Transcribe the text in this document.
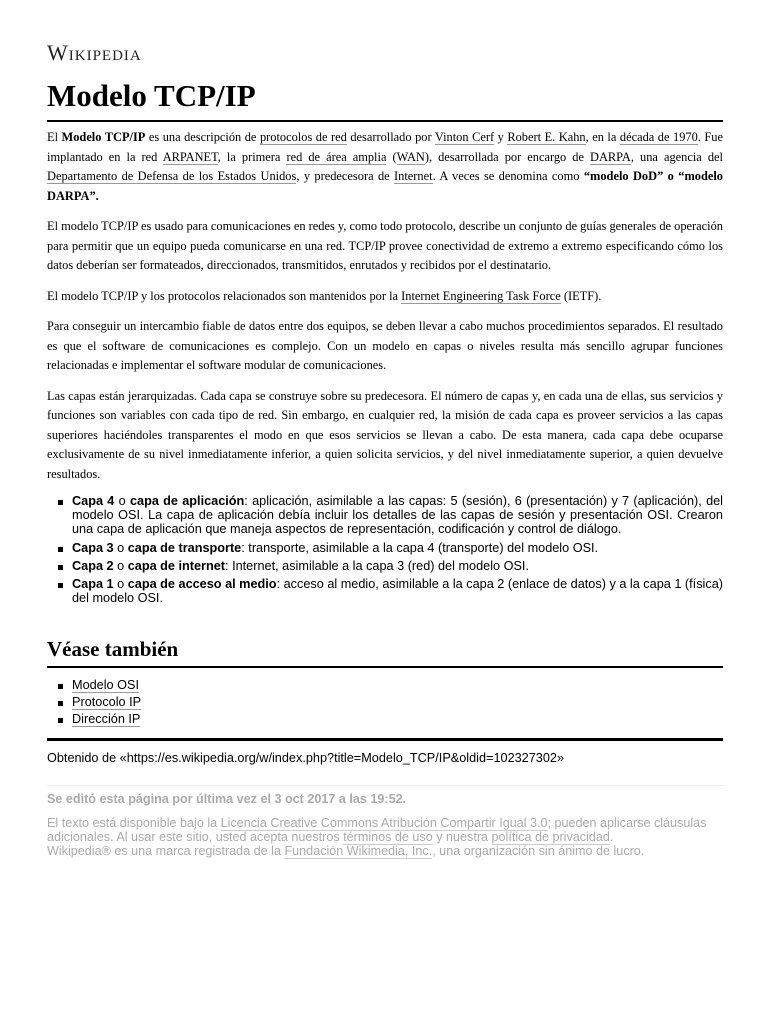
Wikipedia
Modelo TCP/IP

El Modelo TCP/IP es una descripción de protocolos de red desarrollado por Vinton Cerf y Robert E. Kahn, en la década de 1970. Fue implantado en la red ARPANET, la primera red de área amplia (WAN), desarrollada por encargo de DARPA, una agencia del Departamento de Defensa de los Estados Unidos, y predecesora de Internet. A veces se denomina como “modelo DoD” o “modelo DARPA”.

El modelo TCP/IP es usado para comunicaciones en redes y, como todo protocolo, describe un conjunto de guías generales de operación para permitir que un equipo pueda comunicarse en una red. TCP/IP provee conectividad de extremo a extremo especificando cómo los datos deberían ser formateados, direccionados, transmitidos, enrutados y recibidos por el destinatario.

El modelo TCP/IP y los protocolos relacionados son mantenidos por la Internet Engineering Task Force (IETF).

Para conseguir un intercambio fiable de datos entre dos equipos, se deben llevar a cabo muchos procedimientos separados. El resultado es que el software de comunicaciones es complejo. Con un modelo en capas o niveles resulta más sencillo agrupar funciones relacionadas e implementar el software modular de comunicaciones.

Las capas están jerarquizadas. Cada capa se construye sobre su predecesora. El número de capas y, en cada una de ellas, sus servicios y funciones son variables con cada tipo de red. Sin embargo, en cualquier red, la misión de cada capa es proveer servicios a las capas superiores haciéndoles transparentes el modo en que esos servicios se llevan a cabo. De esta manera, cada capa debe ocuparse exclusivamente de su nivel inmediatamente inferior, a quien solicita servicios, y del nivel inmediatamente superior, a quien devuelve resultados.

Capa 4 o capa de aplicación: aplicación, asimilable a las capas: 5 (sesión), 6 (presentación) y 7 (aplicación), del modelo OSI. La capa de aplicación debía incluir los detalles de las capas de sesión y presentación OSI. Crearon una capa de aplicación que maneja aspectos de representación, codificación y control de diálogo.
Capa 3 o capa de transporte: transporte, asimilable a la capa 4 (transporte) del modelo OSI.
Capa 2 o capa de internet: Internet, asimilable a la capa 3 (red) del modelo OSI.
Capa 1 o capa de acceso al medio: acceso al medio, asimilable a la capa 2 (enlace de datos) y a la capa 1 (física) del modelo OSI.
Véase también
Modelo OSI
Protocolo IP
Dirección IP
Obtenido de «https://es.wikipedia.org/w/index.php?title=Modelo_TCP/IP&oldid=102327302»
Se editó esta página por última vez el 3 oct 2017 a las 19:52.
El texto está disponible bajo la Licencia Creative Commons Atribución Compartir Igual 3.0; pueden aplicarse cláusulas adicionales. Al usar este sitio, usted acepta nuestros términos de uso y nuestra política de privacidad.
Wikipedia® es una marca registrada de la Fundación Wikimedia, Inc., una organización sin ánimo de lucro.
